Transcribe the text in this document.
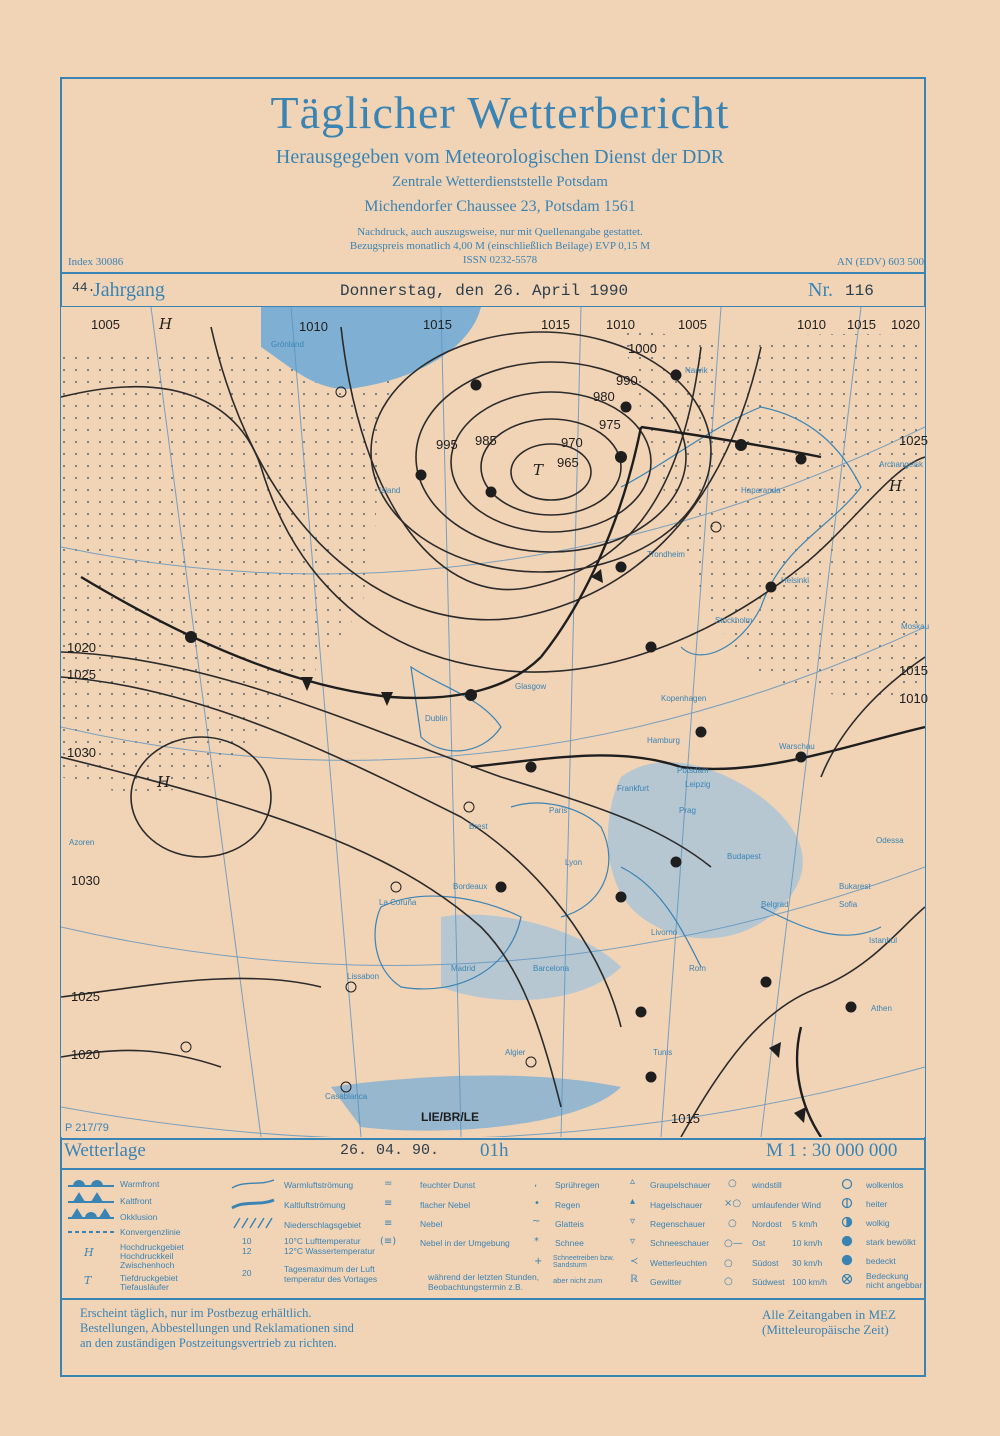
Täglicher Wetterbericht
Herausgegeben vom Meteorologischen Dienst der DDR
Zentrale Wetterdienststelle Potsdam
Michendorfer Chaussee 23, Potsdam 1561
Nachdruck, auch auszugsweise, nur mit Quellenangabe gestattet.
Bezugspreis monatlich 4,00 M (einschließlich Beilage) EVP 0,15 M
ISSN 0232-5578
Index 30086	AN (EDV) 603 500
44.
Jahrgang	Donnerstag, den 26. April 1990	Nr. 116
1005	1010	1015	1015	1010	1005
1000
990
980
975
970
965
985
995
1010 1015 1020
1025
1020
1025
1030
1030
1025
1020
1015
1010
1015
Narvik
Haparanda
Helsinki
Stockholm
Kopenhagen
Hamburg
Potsdam
Leipzig
Frankfurt
Prag
Warschau
Paris
Brest
Lyon
Bordeaux
La Coruña
Madrid	Barcelona
Lissabon
Algier	Tunis
Casablanca
Rom
Livorno
Budapest
Belgrad
Bukarest
Sofia
Istanbul
Athen
Odessa
Moskau
Azoren
Dublin
Glasgow
Trondheim
Archangelsk
Island
Grönland
H
T
H
H
LIE/BR/LE
P 217/79
Wetterlage	26. 04. 90. 01h	M 1 : 30 000 000
Warmfront
Kaltfront
Okklusion
Konvergenzlinie
Hochdruckgebiet
Hochdruckkeil
Zwischenhoch
Tiefdruckgebiet
Tiefausläufer
H
T
Warmluftströmung
Kaltluftströmung
Niederschlagsgebiet
10
12
10°C Lufttemperatur
12°C Wassertemperatur
20	Tagesmaximum der Luft
temperatur des Vortages
=
≡
≡
(≡)
feuchter Dunst
flacher Nebel
Nebel
Nebel in der Umgebung
während der letzten Stunden,
Beobachtungstermin z.B.
,
•
~
*
+
Sprühregen
Regen
Glatteis
Schnee
Schneetreiben bzw. Sandsturm
aber nicht zum
▵
▴
▿
▿
≺
ℝ
Graupelschauer
Hagelschauer
Regenschauer
Schneeschauer
Wetterleuchten
Gewitter
○
×○
○
○—
○
○
windstill
umlaufender Wind
Nordost 5 km/h
Ost	10 km/h
Südost 30 km/h
Südwest 100 km/h
wolkenlos
heiter
wolkig
stark bewölkt
bedeckt
Bedeckung nicht angebbar
Erscheint täglich, nur im Postbezug erhältlich.
Bestellungen, Abbestellungen und Reklamationen sind
an den zuständigen Postzeitungsvertrieb zu richten.
Alle Zeitangaben in MEZ
(Mitteleuropäische Zeit)
